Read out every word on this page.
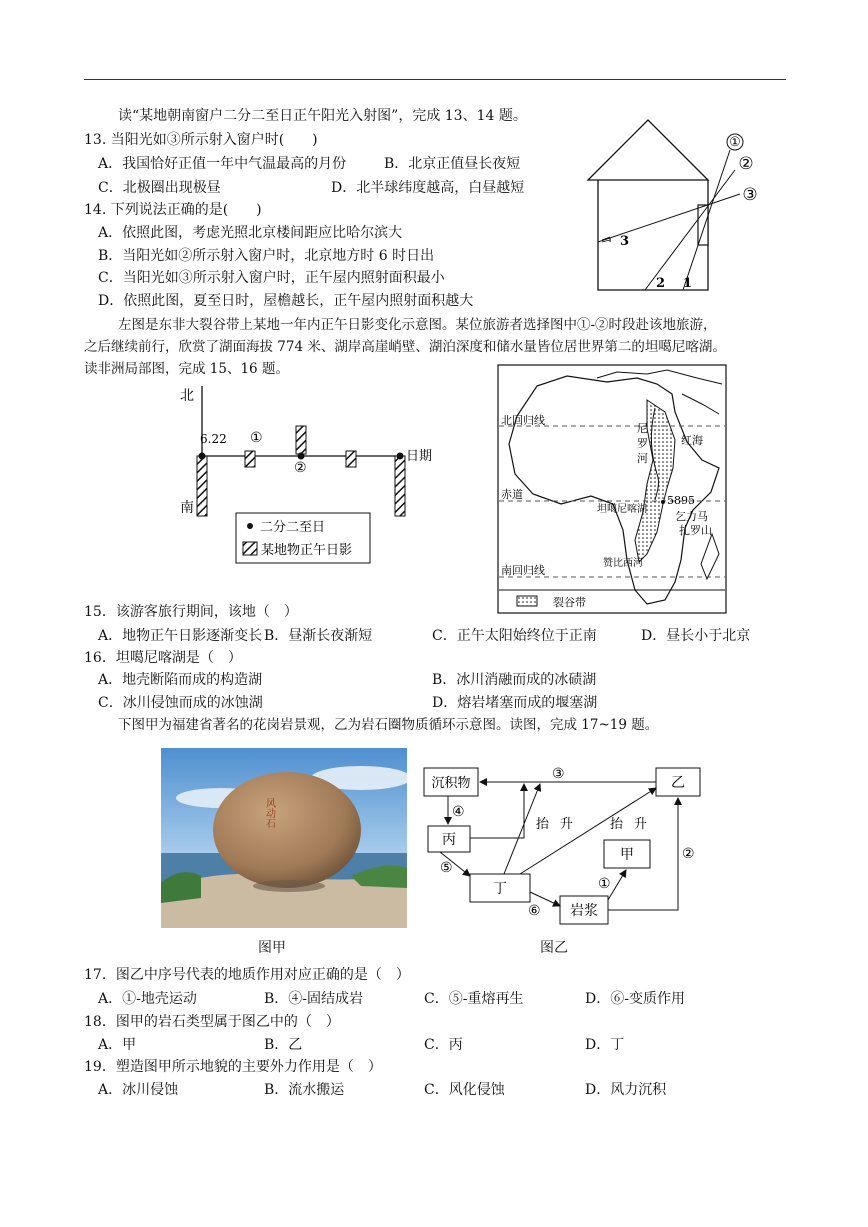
读“某地朝南窗户二分二至日正午阳光入射图”，完成 13、14 题。
13. 当阳光如③所示射入窗户时(　　)
A．我国恰好正值一年中气温最高的月份	B．北京正值昼长夜短
C．北极圈出现极昼	D．北半球纬度越高，白昼越短
14. 下列说法正确的是(　　)
A．依照此图，考虑光照北京楼间距应比哈尔滨大
B．当阳光如②所示射入窗户时，北京地方时 6 时日出
C．当阳光如③所示射入窗户时，正午屋内照射面积最小
D．依照此图，夏至日时，屋檐越长，正午屋内照射面积越大
①
②
③
3
2 1
左图是东非大裂谷带上某地一年内正午日影变化示意图。某位旅游者选择图中①-②时段赴该地旅游，
之后继续前行，欣赏了湖面海拔 774 米、湖岸高崖峭壁、湖泊深度和储水量皆位居世界第二的坦噶尼喀湖。
读非洲局部图，完成 15、16 题。
北
南
6.22 ①
②
日期
二分二至日
某地物正午日影
北回归线
赤道
南回归线
尼
罗
河
红海
坦噶尼喀湖
5895
乞力马
扎罗山
赞比西河
裂谷带
15．该游客旅行期间，该地（　）
A．地物正午日影逐渐变长 B．昼渐长夜渐短	C．正午太阳始终位于正南	D．昼长小于北京
16．坦噶尼喀湖是（　）
A．地壳断陷而成的构造湖	B．冰川消融而成的冰碛湖
C．冰川侵蚀而成的冰蚀湖	D．熔岩堵塞而成的堰塞湖
下图甲为福建省著名的花岗岩景观，乙为岩石圈物质循环示意图。读图，完成 17~19 题。
风动石
图甲
沉积物	乙
丙
甲
丁
岩浆
③
④
⑤
⑥
①
②
抬 升	抬 升
图乙
17．图乙中序号代表的地质作用对应正确的是（　）
A．①-地壳运动	B．④-固结成岩	C．⑤-重熔再生	D．⑥-变质作用
18．图甲的岩石类型属于图乙中的（　）
A．甲	B．乙	C．丙	D．丁
19．塑造图甲所示地貌的主要外力作用是（　）
A．冰川侵蚀	B．流水搬运	C．风化侵蚀	D．风力沉积
